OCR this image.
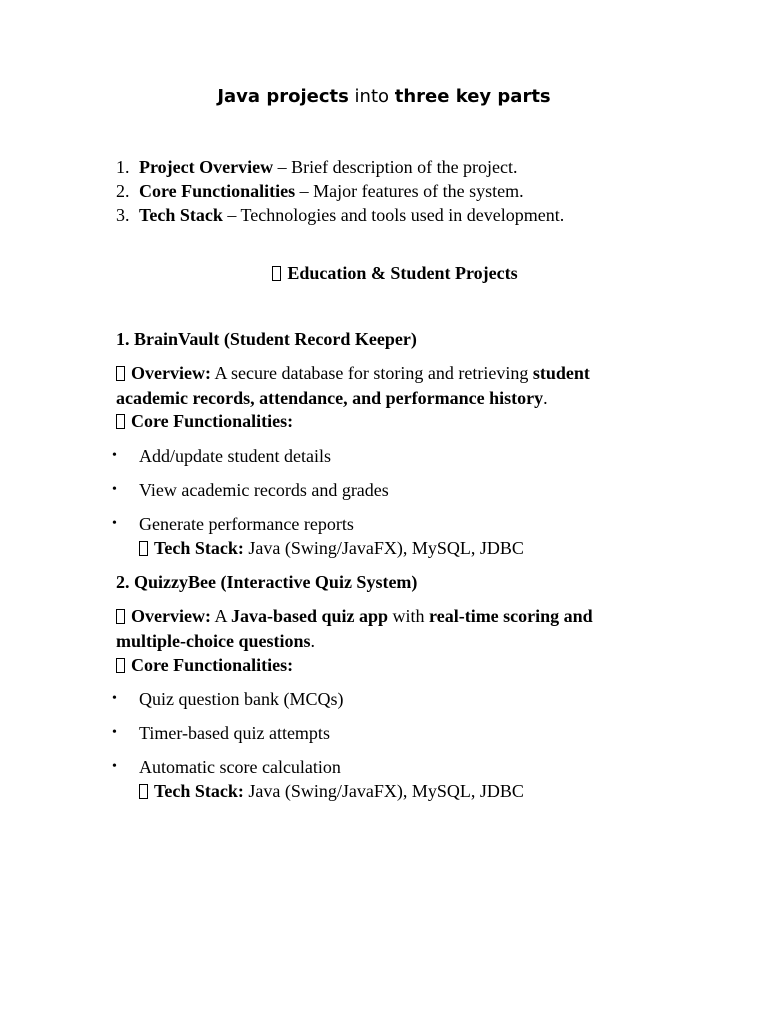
Java projects into three key parts
1. Project Overview – Brief description of the project.
2. Core Functionalities – Major features of the system.
3. Tech Stack – Technologies and tools used in development.
Education & Student Projects
1. BrainVault (Student Record Keeper)
Overview: A secure database for storing and retrieving student
academic records, attendance, and performance history.
Core Functionalities:
• Add/update student details
• View academic records and grades
• Generate performance reports
Tech Stack: Java (Swing/JavaFX), MySQL, JDBC
2. QuizzyBee (Interactive Quiz System)
Overview: A Java-based quiz app with real-time scoring and
multiple-choice questions.
Core Functionalities:
• Quiz question bank (MCQs)
• Timer-based quiz attempts
• Automatic score calculation
Tech Stack: Java (Swing/JavaFX), MySQL, JDBC
